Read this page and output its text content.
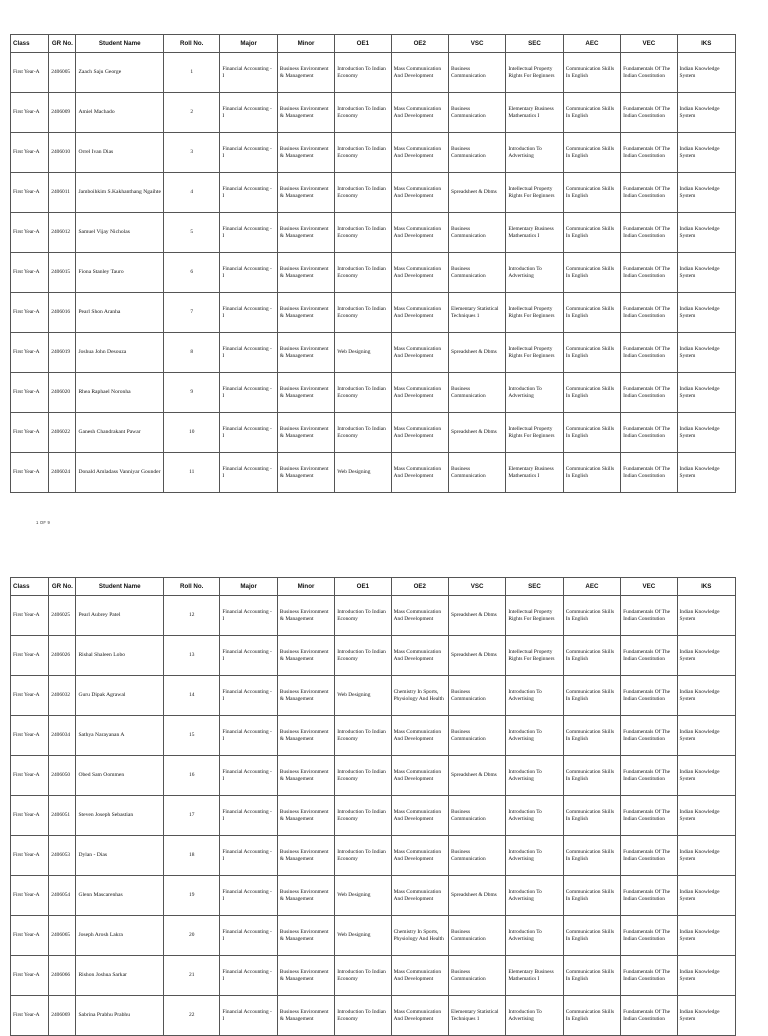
Class	GR No.	Student Name	Roll No.	Major	Minor	OE1	OE2	VSC	SEC	AEC	VEC	IKS
First Year-A	2406005	Zaach Saju George	1	Financial Accounting - I	Business Environment & Management	Introduction To Indian Economy	Mass Communication And Development	Business Communication	Intellectual Property Rights For Beginners	Communication Skills In English	Fundamentals Of The Indian Constitution	Indian Knowledge System
First Year-A	2406009	Amiel Machado	2	Financial Accounting - I	Business Environment & Management	Introduction To Indian Economy	Mass Communication And Development	Business Communication	Elementary Business Mathematics I	Communication Skills In English	Fundamentals Of The Indian Constitution	Indian Knowledge System
First Year-A	2406010	Orrel Ivan Dias	3	Financial Accounting - I	Business Environment & Management	Introduction To Indian Economy	Mass Communication And Development	Business Communication	Introduction To Advertising	Communication Skills In English	Fundamentals Of The Indian Constitution	Indian Knowledge System
First Year-A	2406011	Jamboihkim S.Kakhanthang Ngaihte	4	Financial Accounting - I	Business Environment & Management	Introduction To Indian Economy	Mass Communication And Development	Spreadsheet & Dbms	Intellectual Property Rights For Beginners	Communication Skills In English	Fundamentals Of The Indian Constitution	Indian Knowledge System
First Year-A	2406012	Samuel Vijay Nicholas	5	Financial Accounting - I	Business Environment & Management	Introduction To Indian Economy	Mass Communication And Development	Business Communication	Elementary Business Mathematics I	Communication Skills In English	Fundamentals Of The Indian Constitution	Indian Knowledge System
First Year-A	2406015	Fiona Stanley Tauro	6	Financial Accounting - I	Business Environment & Management	Introduction To Indian Economy	Mass Communication And Development	Business Communication	Introduction To Advertising	Communication Skills In English	Fundamentals Of The Indian Constitution	Indian Knowledge System
First Year-A	2406016	Pearl Shon Aranha	7	Financial Accounting - I	Business Environment & Management	Introduction To Indian Economy	Mass Communication And Development	Elementary Statistical Techniques 1	Intellectual Property Rights For Beginners	Communication Skills In English	Fundamentals Of The Indian Constitution	Indian Knowledge System
First Year-A	2406019	Joshua John Desouza	8	Financial Accounting - I	Business Environment & Management	Web Designing	Mass Communication And Development	Spreadsheet & Dbms	Intellectual Property Rights For Beginners	Communication Skills In English	Fundamentals Of The Indian Constitution	Indian Knowledge System
First Year-A	2406020	Rhea Raphael Noronha	9	Financial Accounting - I	Business Environment & Management	Introduction To Indian Economy	Mass Communication And Development	Business Communication	Introduction To Advertising	Communication Skills In English	Fundamentals Of The Indian Constitution	Indian Knowledge System
First Year-A	2406022	Ganesh Chandrakant Pawar	10	Financial Accounting - I	Business Environment & Management	Introduction To Indian Economy	Mass Communication And Development	Spreadsheet & Dbms	Intellectual Property Rights For Beginners	Communication Skills In English	Fundamentals Of The Indian Constitution	Indian Knowledge System
First Year-A	2406024	Donald Amladass Vanniyar Gounder	11	Financial Accounting - I	Business Environment & Management	Web Designing	Mass Communication And Development	Business Communication	Elementary Business Mathematics I	Communication Skills In English	Fundamentals Of The Indian Constitution	Indian Knowledge System
1 OF 9
Class	GR No.	Student Name	Roll No.	Major	Minor	OE1	OE2	VSC	SEC	AEC	VEC	IKS
First Year-A	2406025	Pearl Aubrey Patel	12	Financial Accounting - I	Business Environment & Management	Introduction To Indian Economy	Mass Communication And Development	Spreadsheet & Dbms	Intellectual Property Rights For Beginners	Communication Skills In English	Fundamentals Of The Indian Constitution	Indian Knowledge System
First Year-A	2406026	Rishal Shaleen Lobo	13	Financial Accounting - I	Business Environment & Management	Introduction To Indian Economy	Mass Communication And Development	Spreadsheet & Dbms	Intellectual Property Rights For Beginners	Communication Skills In English	Fundamentals Of The Indian Constitution	Indian Knowledge System
First Year-A	2406032	Guru Dipak Agrawal	14	Financial Accounting - I	Business Environment & Management	Web Designing	Chemistry In Sports, Physiology And Health	Business Communication	Introduction To Advertising	Communication Skills In English	Fundamentals Of The Indian Constitution	Indian Knowledge System
First Year-A	2406034	Sathya Narayanan A	15	Financial Accounting - I	Business Environment & Management	Introduction To Indian Economy	Mass Communication And Development	Business Communication	Introduction To Advertising	Communication Skills In English	Fundamentals Of The Indian Constitution	Indian Knowledge System
First Year-A	2406050	Obed Sam Oommen	16	Financial Accounting - I	Business Environment & Management	Introduction To Indian Economy	Mass Communication And Development	Spreadsheet & Dbms	Introduction To Advertising	Communication Skills In English	Fundamentals Of The Indian Constitution	Indian Knowledge System
First Year-A	2406051	Steven Joseph Sebastian	17	Financial Accounting - I	Business Environment & Management	Introduction To Indian Economy	Mass Communication And Development	Business Communication	Introduction To Advertising	Communication Skills In English	Fundamentals Of The Indian Constitution	Indian Knowledge System
First Year-A	2406053	Dylan - Dias	18	Financial Accounting - I	Business Environment & Management	Introduction To Indian Economy	Mass Communication And Development	Business Communication	Introduction To Advertising	Communication Skills In English	Fundamentals Of The Indian Constitution	Indian Knowledge System
First Year-A	2406054	Glenn Mascarenhas	19	Financial Accounting - I	Business Environment & Management	Web Designing	Mass Communication And Development	Spreadsheet & Dbms	Introduction To Advertising	Communication Skills In English	Fundamentals Of The Indian Constitution	Indian Knowledge System
First Year-A	2406065	Joseph Arosh Lakra	20	Financial Accounting - I	Business Environment & Management	Web Designing	Chemistry In Sports, Physiology And Health	Business Communication	Introduction To Advertising	Communication Skills In English	Fundamentals Of The Indian Constitution	Indian Knowledge System
First Year-A	2406066	Rishon Joshua Sarkar	21	Financial Accounting - I	Business Environment & Management	Introduction To Indian Economy	Mass Communication And Development	Business Communication	Elementary Business Mathematics I	Communication Skills In English	Fundamentals Of The Indian Constitution	Indian Knowledge System
First Year-A	2406069	Sabrina Prabhu Prabhu	22	Financial Accounting - I	Business Environment & Management	Introduction To Indian Economy	Mass Communication And Development	Elementary Statistical Techniques 1	Introduction To Advertising	Communication Skills In English	Fundamentals Of The Indian Constitution	Indian Knowledge System
